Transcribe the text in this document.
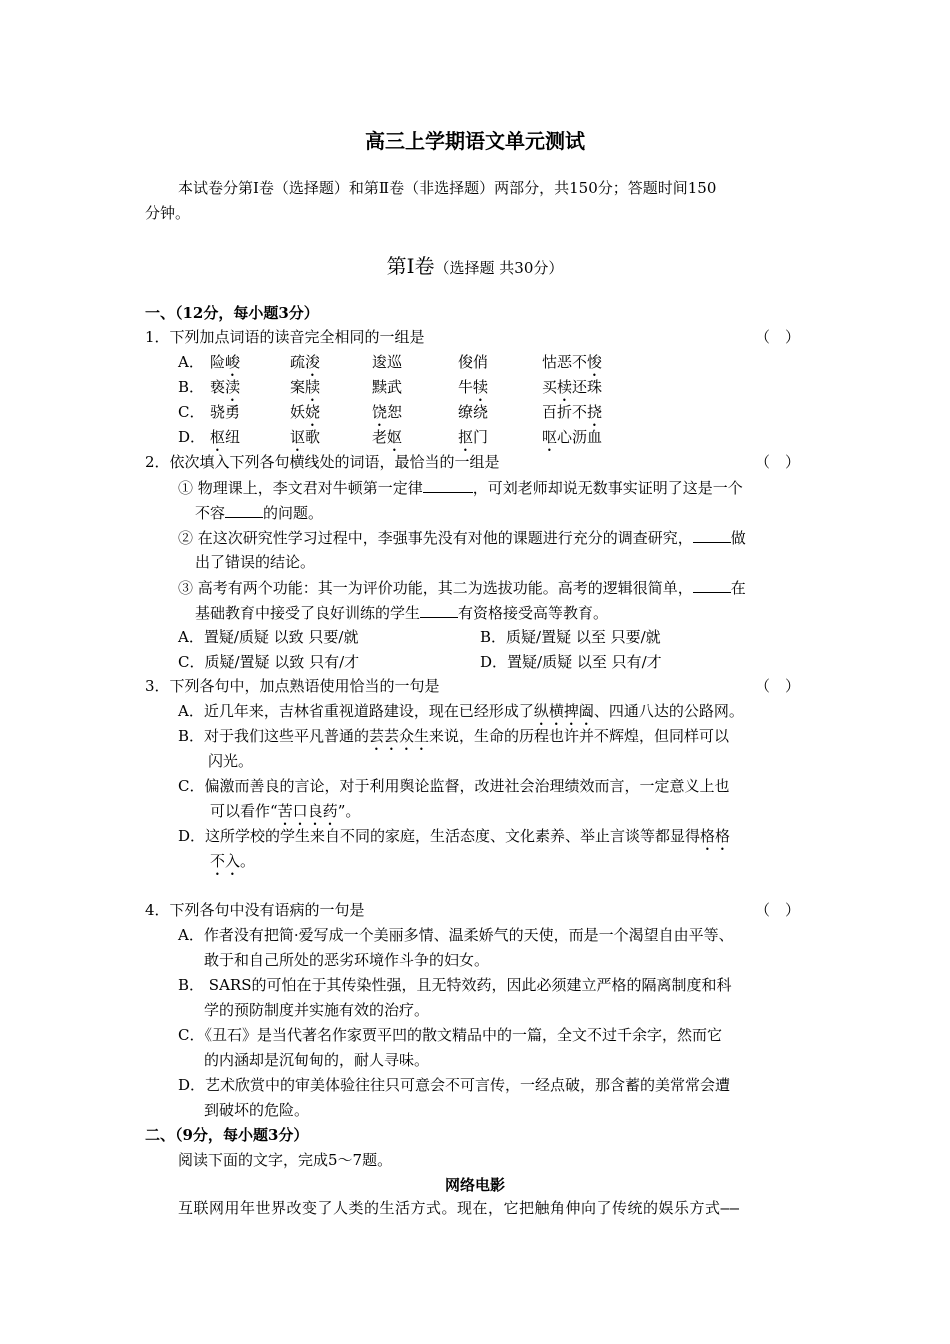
高三上学期语文单元测试
本试卷分第Ⅰ卷（选择题）和第Ⅱ卷（非选择题）两部分，共150分；答题时间150
分钟。
第Ⅰ卷（选择题 共30分）
一、（12分，每小题3分）
1．下列加点词语的读音完全相同的一组是	（　）
A． 险峻	疏浚	逡巡	俊俏	怙恶不悛
B． 亵渎	案牍	黩武	牛犊	买椟还珠
C． 骁勇	妖娆	饶恕	缭绕	百折不挠
D． 枢纽	讴歌	老妪	抠门	呕心沥血
2．依次填入下列各句横线处的词语，最恰当的一组是	（　）
① 物理课上，李文君对牛顿第一定律	，可刘老师却说无数事实证明了这是一个
不容	的问题。
② 在这次研究性学习过程中，李强事先没有对他的课题进行充分的调查研究，	做
出了错误的结论。
③ 高考有两个功能：其一为评价功能，其二为选拔功能。高考的逻辑很简单，	在
基础教育中接受了良好训练的学生	有资格接受高等教育。
A．置疑/质疑 以致 只要/就	B．质疑/置疑 以至 只要/就
C．质疑/置疑 以致 只有/才	D．置疑/质疑 以至 只有/才
3．下列各句中，加点熟语使用恰当的一句是	（　）
A．近几年来，吉林省重视道路建设，现在已经形成了纵横捭阖、四通八达的公路网。
B．对于我们这些平凡普通的芸芸众生来说，生命的历程也许并不辉煌，但同样可以
闪光。
C．偏激而善良的言论，对于利用舆论监督，改进社会治理绩效而言，一定意义上也
可以看作“苦口良药”。
D．这所学校的学生来自不同的家庭，生活态度、文化素养、举止言谈等都显得格格
不入。
4．下列各句中没有语病的一句是	（　）
A．作者没有把简·爱写成一个美丽多情、温柔娇气的天使，而是一个渴望自由平等、
敢于和自己所处的恶劣环境作斗争的妇女。
B． SARS的可怕在于其传染性强，且无特效药，因此必须建立严格的隔离制度和科
学的预防制度并实施有效的治疗。
C．《丑石》是当代著名作家贾平凹的散文精品中的一篇，全文不过千余字，然而它
的内涵却是沉甸甸的，耐人寻味。
D．艺术欣赏中的审美体验往往只可意会不可言传，一经点破，那含蓄的美常常会遭
到破坏的危险。
二、（9分，每小题3分）
阅读下面的文字，完成5～7题。
网络电影
互联网用年世界改变了人类的生活方式。现在，它把触角伸向了传统的娱乐方式——
